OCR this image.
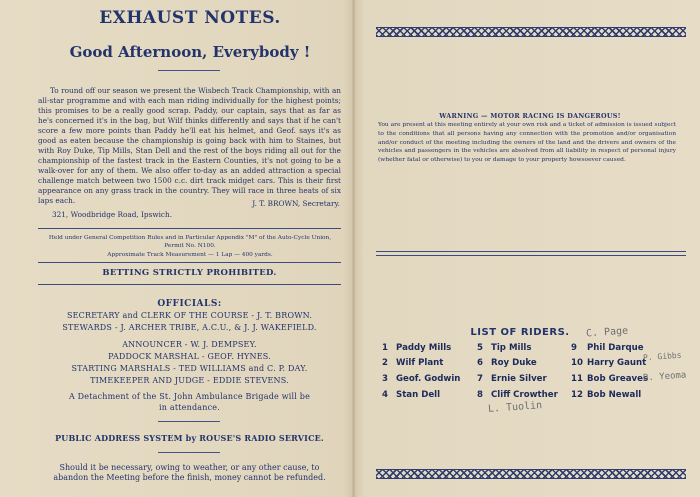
EXHAUST NOTES.
Good Afternoon, Everybody !
To round off our season we present the Wisbech Track Championship, with an all-star programme and with each man riding individually for the highest points; this promises to be a really good scrap. Paddy, our captain, says that as far as he's concerned it's in the bag, but Wilf thinks differently and says that if he can't score a few more points than Paddy he'll eat his helmet, and Geof. says it's as good as eaten because the championship is going back with him to Staines, but with Roy Duke, Tip Mills, Stan Dell and the rest of the boys riding all out for the championship of the fastest track in the Eastern Counties, it's not going to be a walk-over for any of them. We also offer to-day as an added attraction a special challenge match between two 1500 c.c. dirt track midget cars. This is their first appearance on any grass track in the country. They will race in three heats of six laps each.	J. T. BROWN, Secretary.
321, Woodbridge Road, Ipswich.
Held under General Competition Rules and in Particular Appendix "M" of the Auto-Cycle Union, Permit No. N100.
Approximate Track Measurement — 1 Lap — 400 yards.
BETTING STRICTLY PROHIBITED.
OFFICIALS:
SECRETARY and CLERK OF THE COURSE - J. T. BROWN.
STEWARDS - J. ARCHER TRIBE, A.C.U., & J. J. WAKEFIELD.
ANNOUNCER - W. J. DEMPSEY.
PADDOCK MARSHAL - GEOF. HYNES.
STARTING MARSHALS - TED WILLIAMS and C. P. DAY.
TIMEKEEPER AND JUDGE - EDDIE STEVENS.
A Detachment of the St. John Ambulance Brigade will be
in attendance.
PUBLIC ADDRESS SYSTEM by ROUSE'S RADIO SERVICE.
Should it be necessary, owing to weather, or any other cause, to
abandon the Meeting before the finish, money cannot be refunded.
WARNING — MOTOR RACING IS DANGEROUS!
You are present at this meeting entirely at your own risk and a ticket of admission is issued subject to the conditions that all persons having any connection with the promotion and/or organisation and/or conduct of the meeting including the owners of the land and the drivers and owners of the vehicles and passengers in the vehicles are absolved from all liability in respect of personal injury (whether fatal or otherwise) to you or damage to your property howsoever caused.
LIST OF RIDERS.
1 Paddy Mills
2 Wilf Plant
3 Geof. Godwin
4 Stan Dell
5 Tip Mills
6 Roy Duke
7 Ernie Silver
8 Cliff Crowther
9 Phil Darque
10 Harry Gaunt
11 Bob Greaves
12 Bob Newall
C. Page
P. Gibbs
B. Yeoma
L. Tuolin
